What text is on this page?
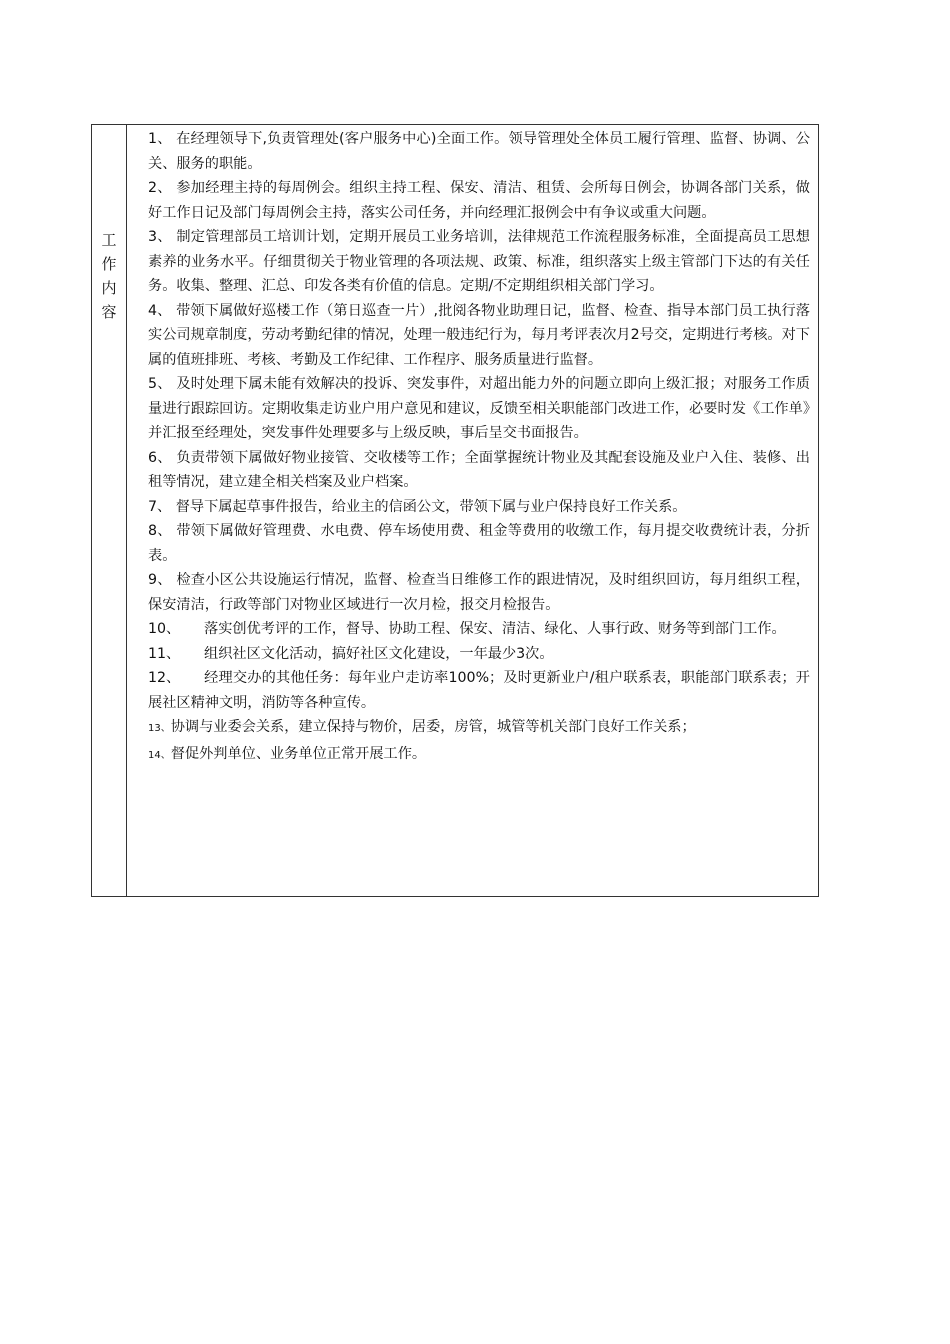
工
作
内
容

1、 在经理领导下,负责管理处(客户服务中心)全面工作。领导管理处全体员工履行管理、监督、协调、公关、服务的职能。

2、 参加经理主持的每周例会。组织主持工程、保安、清洁、租赁、会所每日例会，协调各部门关系，做好工作日记及部门每周例会主持，落实公司任务，并向经理汇报例会中有争议或重大问题。

3、 制定管理部员工培训计划，定期开展员工业务培训，法律规范工作流程服务标准，全面提高员工思想素养的业务水平。仔细贯彻关于物业管理的各项法规、政策、标准，组织落实上级主管部门下达的有关任务。收集、整理、汇总、印发各类有价值的信息。定期/不定期组织相关部门学习。

4、 带领下属做好巡楼工作（第日巡查一片）,批阅各物业助理日记，监督、检查、指导本部门员工执行落实公司规章制度，劳动考勤纪律的情况，处理一般违纪行为，每月考评表次月2号交，定期进行考核。对下属的值班排班、考核、考勤及工作纪律、工作程序、服务质量进行监督。

5、 及时处理下属未能有效解决的投诉、突发事件，对超出能力外的问题立即向上级汇报；对服务工作质量进行跟踪回访。定期收集走访业户用户意见和建议，反馈至相关职能部门改进工作，必要时发《工作单》并汇报至经理处，突发事件处理要多与上级反映，事后呈交书面报告。

6、 负责带领下属做好物业接管、交收楼等工作；全面掌握统计物业及其配套设施及业户入住、装修、出租等情况，建立建全相关档案及业户档案。

7、 督导下属起草事件报告，给业主的信函公文，带领下属与业户保持良好工作关系。

8、 带领下属做好管理费、水电费、停车场使用费、租金等费用的收缴工作，每月提交收费统计表，分折表。

9、 检查小区公共设施运行情况，监督、检查当日维修工作的跟进情况，及时组织回访，每月组织工程，保安清洁，行政等部门对物业区域进行一次月检，报交月检报告。

10、 落实创优考评的工作，督导、协助工程、保安、清洁、绿化、人事行政、财务等到部门工作。

11、 组织社区文化活动，搞好社区文化建设，一年最少3次。

12、 经理交办的其他任务：每年业户走访率100%；及时更新业户/租户联系表，职能部门联系表；开展社区精神文明，消防等各种宣传。

13、协调与业委会关系，建立保持与物价，居委，房管，城管等机关部门良好工作关系；

14、督促外判单位、业务单位正常开展工作。
